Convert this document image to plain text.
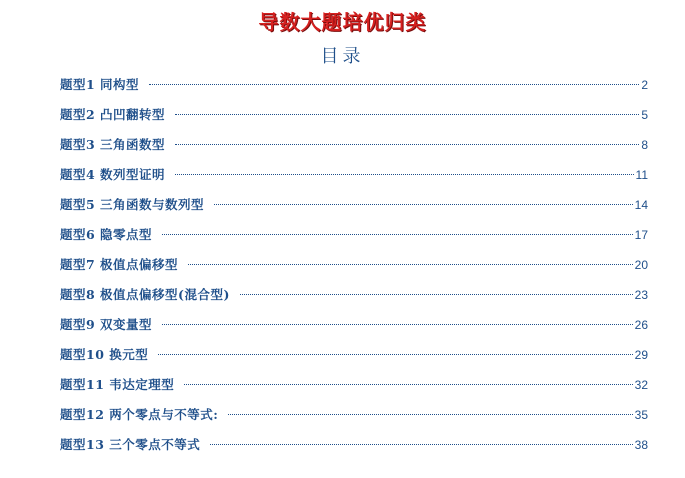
导数大题培优归类
目录
题型1 同构型	2
题型2 凸凹翻转型	5
题型3 三角函数型	8
题型4 数列型证明	11
题型5 三角函数与数列型	14
题型6 隐零点型	17
题型7 极值点偏移型	20
题型8 极值点偏移型(混合型)	23
题型9 双变量型	26
题型10 换元型	29
题型11 韦达定理型	32
题型12 两个零点与不等式:	35
题型13 三个零点不等式	38
